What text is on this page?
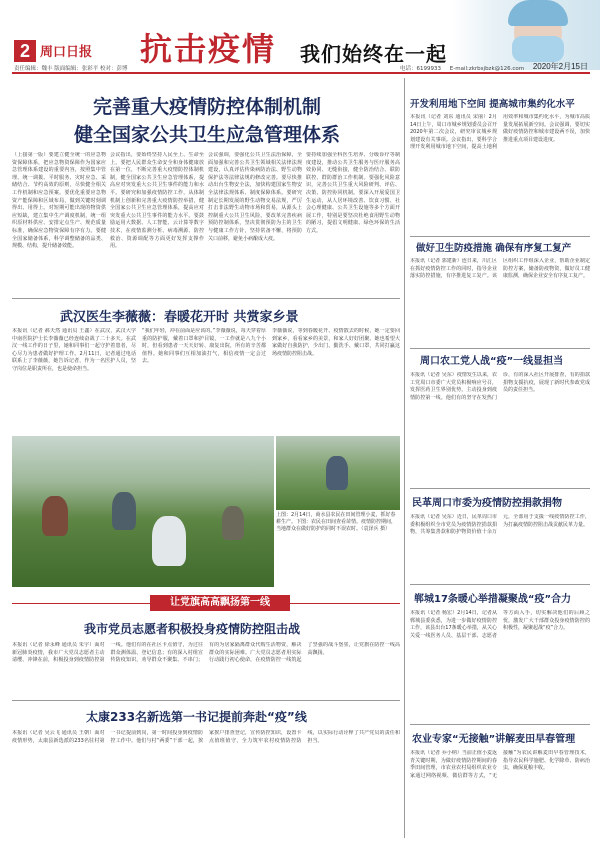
2 周口日报 抗击疫情 我们始终在一起
责任编辑：魏丰 版面编辑：张彩平 校对：彭博	电话：6199933 E-mail:zkrbsjbzk@126.com 2020年2月15日
完善重大疫情防控体制机制
健全国家公共卫生应急管理体系
（上接第一版）要建立健全统一的应急物资保障体系，把应急物资保障作为国家应急管理体系建设的重要内容，按照集中管理、统一调拨、平时服务、灾时应急、采储结合、节约高效的原则，尽快健全相关工作机制和应急预案。要优化重要应急物资产能保障和区域布局，做到关键时刻调得出、用得上。对短期可能出现的物资供应短缺，建立集中生产调度机制，统一组织原材料供应、安排定点生产、规范质量标准，确保应急物资保障有序有力。要健全国家储备体系，科学调整储备的品类、规模、结构，提升储备效能。
会议指出，要始终坚持人民至上、生命至上，要把人民群众生命安全和身体健康放在第一位，不断完善重大疫情防控体制机制，健全国家公共卫生应急管理体系，提高应对突发重大公共卫生事件的能力和水平。要研究和加强疫情防控工作，从体制机制上创新和完善重大疫情防控举措，健全国家公共卫生应急管理体系，提高应对突发重大公共卫生事件的能力水平。要鼓励运用大数据、人工智能、云计算等数字技术，在疫情监测分析、病毒溯源、防控救治、资源调配等方面更好发挥支撑作用。
会议强调，要强化公共卫生法治保障，全面加强和完善公共卫生领域相关法律法规建设，认真评估传染病防治法、野生动物保护法等法律法规的修改完善。要尽快推动出台生物安全法，加快构建国家生物安全法律法规体系、制度保障体系。要研究制定长期发展的野生动物交易法规，严厉打击非法野生动物市场和贸易，从源头上控制重大公共卫生风险。要改革完善疾病预防控制体系，坚决贯彻预防为主的卫生与健康工作方针，坚持常备不懈，将预防关口前移，避免小病酿成大疫。
要持续加强全科医生培养、分级诊疗等制度建设，推动公共卫生服务与医疗服务高效协同、无缝衔接，健全防治结合、联防联控、群防群治工作机制。要强化风险意识，完善公共卫生重大风险研判、评估、决策、防控协同机制。要深入开展爱国卫生运动，从人居环境改善、饮食习惯、社会心理健康、公共卫生设施等多个方面开展工作，特别是要坚决杜绝食用野生动物的陋习，提倡文明健康、绿色环保的生活方式。
武汉医生李薇薇：春暖花开时 共赏家乡景
本报讯（记者 郝天然 通讯员 王鑫）在武汉，武汉大学中南医院护士长李薇薇已经连续奋战了二十多天。在武汉一线工作的日子里，她和同事们一起守护着患者，尽心尽力为患者做好护理工作。2月11日，记者通过电话联系上了李薇薇，她告诉记者，作为一名医护人员，坚守岗位是职责所在，也是使命担当。
“我们年轻，冲在前面是应该的。”李薇薇说，每天穿着厚重的防护服，戴着口罩和护目镜，一工作就是八九个小时，但看到患者一天天好转、康复出院，所有的辛苦都值得。她和同事们互相加油打气，相信疫情一定会过去。
李薇薇说，等到春暖花开、疫情散去的时候，她一定要回到家乡，看看家乡的美景，和家人好好团聚。她也希望大家做好自我防护，少出门、勤洗手、戴口罩，共同打赢这场疫情防控阻击战。
上图：2月14日，商水县农民在田间管理小麦，抓好春耕生产。下图：农民在田间查看苗情。疫情防控期间，当地群众在做好防护的同时不误农时。（袁泽兵 摄）
让党旗高高飘扬第一线
我市党员志愿者积极投身疫情防控阻击战
本报讯（记者 徐永峰 通讯员 朱宇）面对新冠肺炎疫情，我市广大党员志愿者主动请缨、冲锋在前，积极投身到疫情防控第一线。他们有的在社区卡点值守，为过往群众测体温、登记信息；有的深入村组宣传防疫知识，劝导群众不聚集、不串门；有的为居家隔离群众代购生活物资，解决群众的实际困难。广大党员志愿者用实际行动践行初心使命，在疫情防控一线筑起了坚强的战斗堡垒，让党旗在防控一线高高飘扬。
太康233名新选第一书记提前奔赴“疫”线
本报讯（记者 吴云飞 通讯员 王朝）面对疫情形势，太康县新选派的233名驻村第一书记提前到岗，第一时间投身到疫情防控工作中。他们与村“两委”干部一起，挨家挨户排查登记，宣传防控知识，设置卡点值班值守，全力筑牢农村疫情防控防线，以实际行动诠释了共产党员的责任和担当。
开发利用地下空间 提高城市集约化水平
本报讯（记者 刘东 通讯员 宋丽）2月14日上午，周口市城乡规划委员会召开2020年第二次会议，研究审议城乡规划建设有关事项。会议指出，要科学合理开发利用城市地下空间，提高土地利用效率和城市集约化水平，为城市高质量发展拓展新空间。会议强调，要切实做好疫情防控和城市建设两不误，加快推进重点项目建设进度。
做好卫生防疫措施 确保有序复工复产
本报讯（记者 郭建新）连日来，川汇区在抓好疫情防控工作的同时，指导企业落实防控措施，有序推进复工复产。该区组织工作组深入企业，帮助企业制定防控方案，储备防疫物资，做好员工健康监测，确保企业安全有序复工复产。
周口农工党人战“疫”一线显担当
本报讯（记者 吴东）疫情发生以来，农工党周口市委广大党员积极响应号召，发挥医药卫生界别优势，主动投身到疫情防控第一线。他们有的坚守在发热门诊，有的深入社区开展排查，有的捐款捐物支援抗疫，展现了新时代参政党成员的责任担当。
民革周口市委为疫情防控捐款捐物
本报讯（记者 吴东）近日，民革周口市委积极组织全市党员为疫情防控捐款捐物，共筹集善款和防护物资价值十余万元，全部用于支援一线疫情防控工作，为打赢疫情防控阻击战贡献民革力量。
郸城17条暖心举措凝聚战“疫”合力
本报讯（记者 杨宏）2月14日，记者从郸城县委获悉，为进一步做好疫情防控工作，该县出台17条暖心举措，从关心关爱一线医务人员、基层干部、志愿者等方面入手，切实解决他们的后顾之忧，激发广大干部群众投身疫情防控的积极性，凝聚起战“疫”合力。
农业专家“无接触”讲解麦田早春管理
本报讯（记者 乔小纳）当前正值小麦返青关键时期，为做好疫情防控期间的春季田间管理，市农业农村局组织农业专家通过网络视频、微信群等方式，“无接触”为农民讲解麦田早春管理技术，指导农民科学施肥、化学除草、防病治虫，确保夏粮丰收。
